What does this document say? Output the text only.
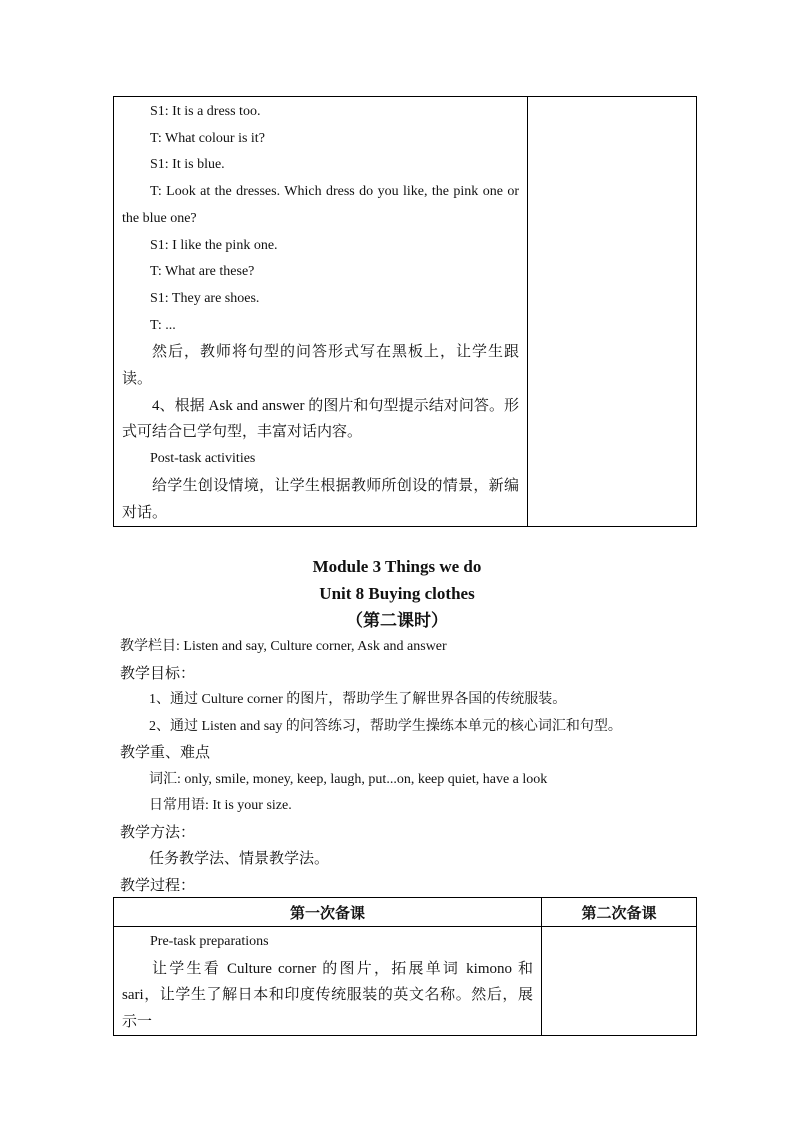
S1: It is a dress too.

T: What colour is it?

S1: It is blue.

T: Look at the dresses. Which dress do you like, the pink one or the blue one?

S1: I like the pink one.

T: What are these?

S1: They are shoes.

T: ...

然后，教师将句型的问答形式写在黑板上，让学生跟读。

4、根据 Ask and answer 的图片和句型提示结对问答。形式可结合已学句型，丰富对话内容。

Post-task activities

给学生创设情境，让学生根据教师所创设的情景，新编对话。

Module 3 Things we do
Unit 8 Buying clothes
（第二课时）
教学栏目: Listen and say, Culture corner, Ask and answer
教学目标：
1、通过 Culture corner 的图片，帮助学生了解世界各国的传统服装。
2、通过 Listen and say 的问答练习，帮助学生操练本单元的核心词汇和句型。
教学重、难点
词汇: only, smile, money, keep, laugh, put...on, keep quiet, have a look
日常用语: It is your size.
教学方法：
任务教学法、情景教学法。
教学过程：
第一次备课	第二次备课

Pre-task preparations

让学生看 Culture corner 的图片，拓展单词 kimono 和 sari，让学生了解日本和印度传统服装的英文名称。然后，展示一	
